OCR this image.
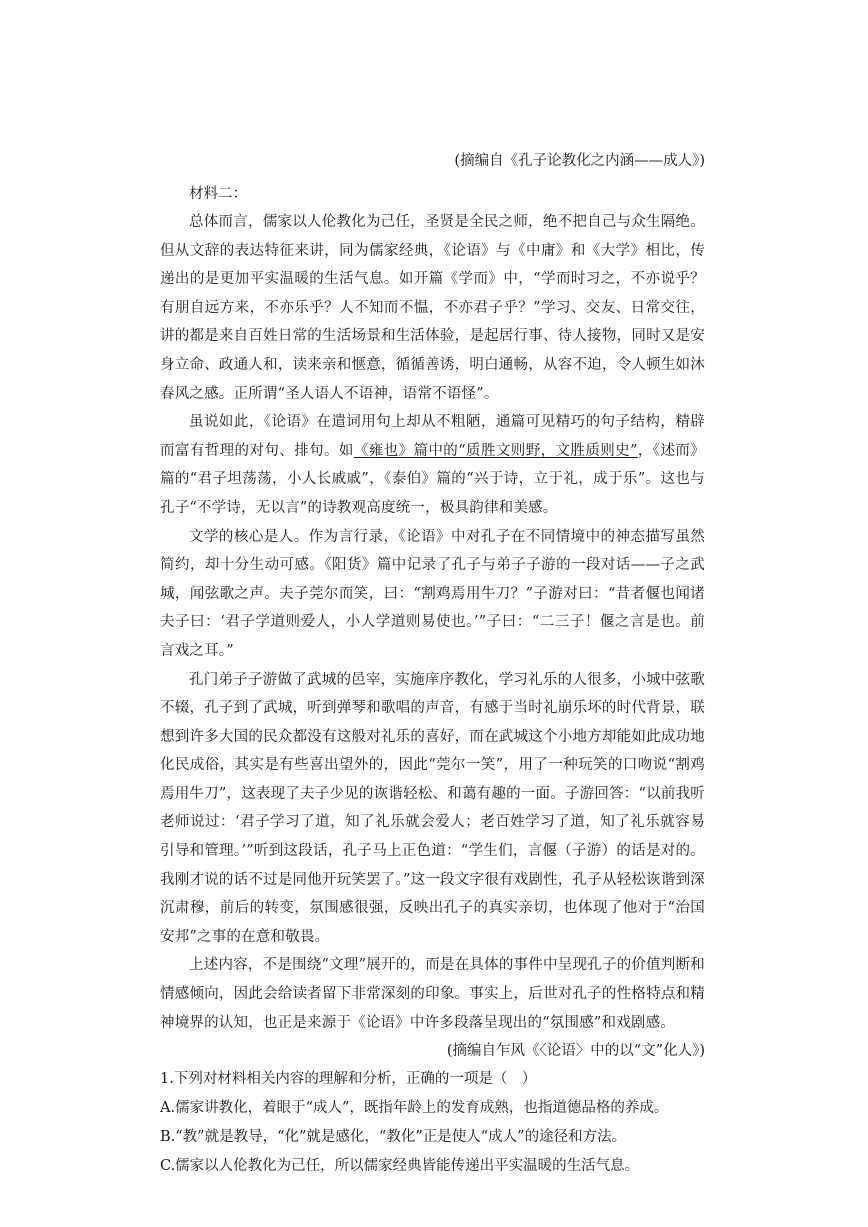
(摘编自《孔子论教化之内涵——成人》)

材料二：

总体而言，儒家以人伦教化为己任，圣贤是全民之师，绝不把自己与众生隔绝。但从文辞的表达特征来讲，同为儒家经典，《论语》与《中庸》和《大学》相比，传递出的是更加平实温暖的生活气息。如开篇《学而》中，“学而时习之，不亦说乎？有朋自远方来，不亦乐乎？人不知而不愠，不亦君子乎？”学习、交友、日常交往，讲的都是来自百姓日常的生活场景和生活体验，是起居行事、待人接物，同时又是安身立命、政通人和，读来亲和惬意，循循善诱，明白通畅，从容不迫，令人顿生如沐春风之感。正所谓“圣人语人不语神，语常不语怪”。

虽说如此，《论语》在遣词用句上却从不粗陋，通篇可见精巧的句子结构，精辟而富有哲理的对句、排句。如《雍也》篇中的“质胜文则野，文胜质则史”，《述而》篇的“君子坦荡荡，小人长戚戚”，《泰伯》篇的“兴于诗，立于礼，成于乐”。这也与孔子“不学诗，无以言”的诗教观高度统一，极具韵律和美感。

文学的核心是人。作为言行录，《论语》中对孔子在不同情境中的神态描写虽然简约，却十分生动可感。《阳货》篇中记录了孔子与弟子子游的一段对话——子之武城，闻弦歌之声。夫子莞尔而笑，曰：“割鸡焉用牛刀？”子游对曰：“昔者偃也闻诸夫子曰：‘君子学道则爱人，小人学道则易使也。’”子曰：“二三子！偃之言是也。前言戏之耳。”

孔门弟子子游做了武城的邑宰，实施庠序教化，学习礼乐的人很多，小城中弦歌不辍，孔子到了武城，听到弹琴和歌唱的声音，有感于当时礼崩乐坏的时代背景，联想到许多大国的民众都没有这般对礼乐的喜好，而在武城这个小地方却能如此成功地化民成俗，其实是有些喜出望外的，因此“莞尔一笑”，用了一种玩笑的口吻说“割鸡焉用牛刀”，这表现了夫子少见的诙谐轻松、和蔼有趣的一面。子游回答：“以前我听老师说过：‘君子学习了道，知了礼乐就会爱人；老百姓学习了道，知了礼乐就容易引导和管理。’”听到这段话，孔子马上正色道：“学生们，言偃（子游）的话是对的。我刚才说的话不过是同他开玩笑罢了。”这一段文字很有戏剧性，孔子从轻松诙谐到深沉肃穆，前后的转变，氛围感很强，反映出孔子的真实亲切，也体现了他对于“治国安邦”之事的在意和敬畏。

上述内容，不是围绕“文理”展开的，而是在具体的事件中呈现孔子的价值判断和情感倾向，因此会给读者留下非常深刻的印象。事实上，后世对孔子的性格特点和精神境界的认知，也正是来源于《论语》中许多段落呈现出的“氛围感”和戏剧感。

(摘编自乍风《〈论语〉中的以“文”化人》)

1.下列对材料相关内容的理解和分析，正确的一项是（　）

A.儒家讲教化，着眼于“成人”，既指年龄上的发育成熟，也指道德品格的养成。

B.“教”就是教导，“化”就是感化，“教化”正是使人“成人”的途径和方法。

C.儒家以人伦教化为己任，所以儒家经典皆能传递出平实温暖的生活气息。
